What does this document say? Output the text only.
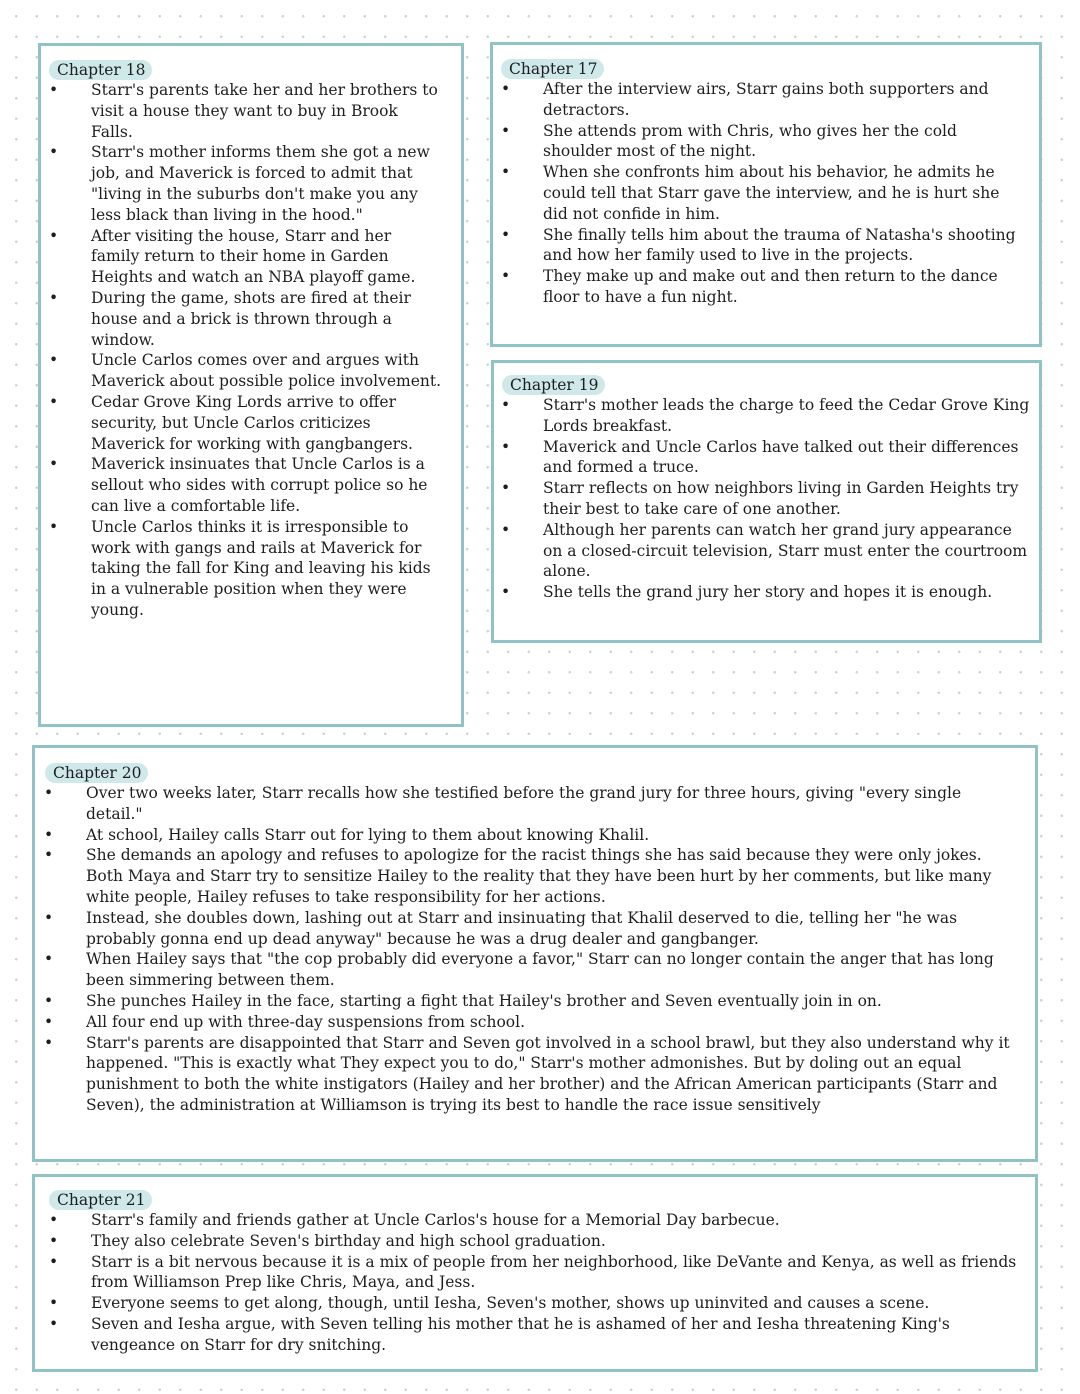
Chapter 18
• Starr's parents take her and her brothers to visit a house they want to buy in Brook Falls.
• Starr's mother informs them she got a new job, and Maverick is forced to admit that "living in the suburbs don't make you any less black than living in the hood."
• After visiting the house, Starr and her family return to their home in Garden Heights and watch an NBA playoff game.
• During the game, shots are fired at their house and a brick is thrown through a window.
• Uncle Carlos comes over and argues with Maverick about possible police involvement.
• Cedar Grove King Lords arrive to offer security, but Uncle Carlos criticizes Maverick for working with gangbangers.
• Maverick insinuates that Uncle Carlos is a sellout who sides with corrupt police so he can live a comfortable life.
• Uncle Carlos thinks it is irresponsible to work with gangs and rails at Maverick for taking the fall for King and leaving his kids in a vulnerable position when they were young.
Chapter 17
• After the interview airs, Starr gains both supporters and detractors.
• She attends prom with Chris, who gives her the cold shoulder most of the night.
• When she confronts him about his behavior, he admits he could tell that Starr gave the interview, and he is hurt she did not confide in him.
• She finally tells him about the trauma of Natasha's shooting and how her family used to live in the projects.
• They make up and make out and then return to the dance floor to have a fun night.
Chapter 19
• Starr's mother leads the charge to feed the Cedar Grove King Lords breakfast.
• Maverick and Uncle Carlos have talked out their differences and formed a truce.
• Starr reflects on how neighbors living in Garden Heights try their best to take care of one another.
• Although her parents can watch her grand jury appearance on a closed-circuit television, Starr must enter the courtroom alone.
• She tells the grand jury her story and hopes it is enough.
Chapter 20
• Over two weeks later, Starr recalls how she testified before the grand jury for three hours, giving "every single detail."
• At school, Hailey calls Starr out for lying to them about knowing Khalil.
• She demands an apology and refuses to apologize for the racist things she has said because they were only jokes. Both Maya and Starr try to sensitize Hailey to the reality that they have been hurt by her comments, but like many white people, Hailey refuses to take responsibility for her actions.
• Instead, she doubles down, lashing out at Starr and insinuating that Khalil deserved to die, telling her "he was probably gonna end up dead anyway" because he was a drug dealer and gangbanger.
• When Hailey says that "the cop probably did everyone a favor," Starr can no longer contain the anger that has long been simmering between them.
• She punches Hailey in the face, starting a fight that Hailey's brother and Seven eventually join in on.
• All four end up with three-day suspensions from school.
• Starr's parents are disappointed that Starr and Seven got involved in a school brawl, but they also understand why it happened. "This is exactly what They expect you to do," Starr's mother admonishes. But by doling out an equal punishment to both the white instigators (Hailey and her brother) and the African American participants (Starr and Seven), the administration at Williamson is trying its best to handle the race issue sensitively
Chapter 21
• Starr's family and friends gather at Uncle Carlos's house for a Memorial Day barbecue.
• They also celebrate Seven's birthday and high school graduation.
• Starr is a bit nervous because it is a mix of people from her neighborhood, like DeVante and Kenya, as well as friends from Williamson Prep like Chris, Maya, and Jess.
• Everyone seems to get along, though, until Iesha, Seven's mother, shows up uninvited and causes a scene.
• Seven and Iesha argue, with Seven telling his mother that he is ashamed of her and Iesha threatening King's vengeance on Starr for dry snitching.
